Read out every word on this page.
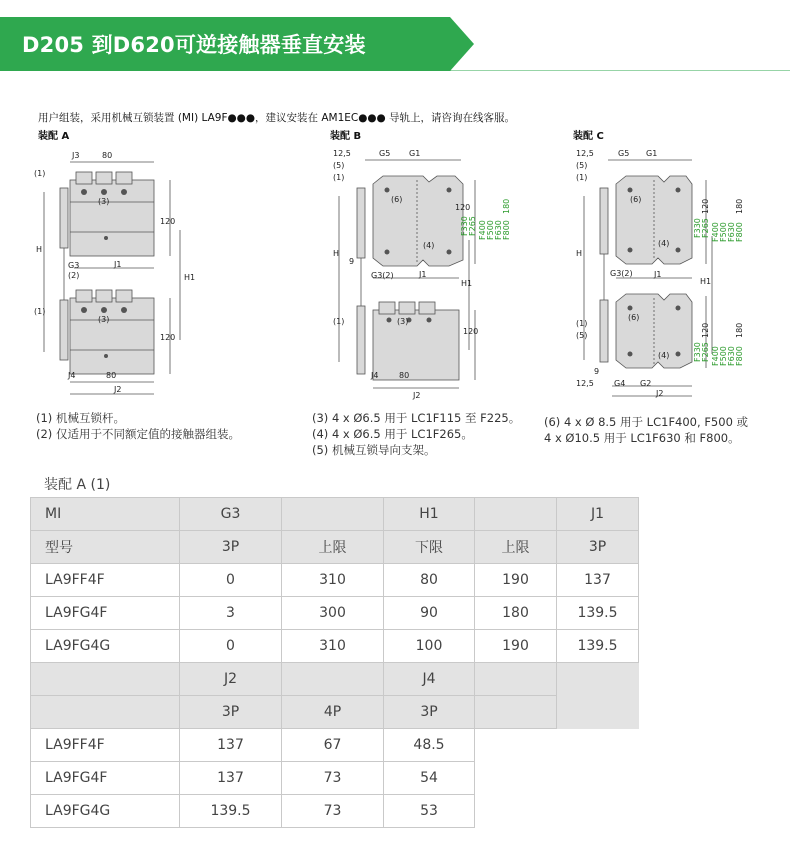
D205 到D620可逆接触器垂直安装
用户组装，采用机械互锁装置 (MI) LA9F●●●，建议安装在 AM1EC●●● 导轨上，请咨询在线客服。
装配 A	装配 B	装配 C
J3	80
(1)
H
G3
(2)
(3)
J1
H1
120
(1)
(3)
120
J4	80
J2
12,5	G5 G1
(5)
(1)
(6)
(4)
H
9
G3(2)	J1
H1
(1)	(3)
120
120
J4	80
J2
F330 F265 F400 F500 F630 F800
180
12,5	G5 G1
(5)
(1)
(6)
(4)
H
G3(2)	J1
H1
(1)
(5)
(6)
(4)
9
12,5	G4 G2
J2
F330 F265
120
F400 F500 F630 F800
180
F330 F265
120
F400 F500 F630 F800
180
(1) 机械互锁杆。
(2) 仅适用于不同额定值的接触器组装。
(3) 4 x Ø6.5 用于 LC1F115 至 F225。
(4) 4 x Ø6.5 用于 LC1F265。
(5) 机械互锁导向支架。
(6) 4 x Ø 8.5 用于 LC1F400, F500 或
4 x Ø10.5 用于 LC1F630 和 F800。
装配 A (1)
MI	G3		H1		J1
型号	3P	上限	下限	上限	3P
LA9FF4F	0	310	80	190	137
LA9FG4F	3	300	90	180	139.5
LA9FG4G	0	310	100	190	139.5
	J2		J4		
	3P	4P	3P		
LA9FF4F	137	67	48.5		
LA9FG4F	137	73	54		
LA9FG4G	139.5	73	53		
